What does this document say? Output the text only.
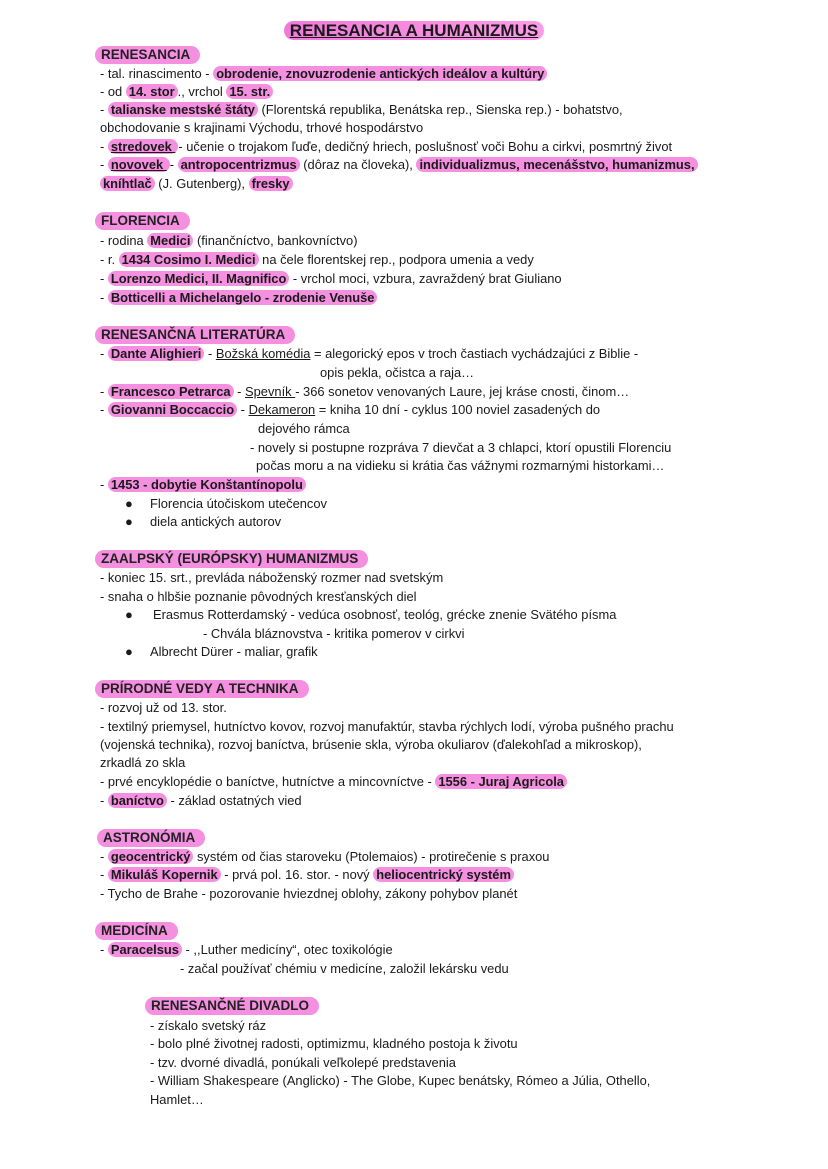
RENESANCIA A HUMANIZMUS
RENESANCIA
- tal. rinascimento - obrodenie, znovuzrodenie antických ideálov a kultúry
- od 14. stor ., vrchol 15. str.
- talianske mestské štáty (Florentská republika, Benátska rep., Sienska rep.) - bohatstvo,
obchodovanie s krajinami Východu, trhové hospodárstvo
- stredovek - učenie o trojakom ľuďe, dedičný hriech, poslušnosť voči Bohu a cirkvi, posmrtný život
- novovek - antropocentrizmus (dôraz na človeka), individualizmus, mecenášstvo, humanizmus,
kníhtlač (J. Gutenberg), fresky
FLORENCIA
- rodina Medici (finančníctvo, bankovníctvo)
- r. 1434 Cosimo I. Medici na čele florentskej rep., podpora umenia a vedy
- Lorenzo Medici, II. Magnifico - vrchol moci, vzbura, zavraždený brat Giuliano
- Botticelli a Michelangelo - zrodenie Venuše
RENESANČNÁ LITERATÚRA
- Dante Alighieri - Božská komédia = alegorický epos v troch častiach vychádzajúci z Biblie -
opis pekla, očistca a raja…
- Francesco Petrarca - Spevník - 366 sonetov venovaných Laure, jej kráse cnosti, činom…
- Giovanni Boccaccio - Dekameron = kniha 10 dní - cyklus 100 noviel zasadených do
dejového rámca
- novely si postupne rozpráva 7 dievčat a 3 chlapci, ktorí opustili Florenciu
počas moru a na vidieku si krátia čas vážnymi rozmarnými historkami…
- 1453 - dobytie Konštantínopolu
● Florencia útočiskom utečencov
● diela antických autorov
ZAALPSKÝ (EURÓPSKY) HUMANIZMUS
- koniec 15. srt., prevláda náboženský rozmer nad svetským
- snaha o hlbšie poznanie pôvodných kresťanských diel
● Erasmus Rotterdamský - vedúca osobnosť, teológ, grécke znenie Svätého písma
- Chvála bláznovstva - kritika pomerov v cirkvi
● Albrecht Dürer - maliar, grafik
PRÍRODNÉ VEDY A TECHNIKA
- rozvoj už od 13. stor.
- textilný priemysel, hutníctvo kovov, rozvoj manufaktúr, stavba rýchlych lodí, výroba pušného prachu
(vojenská technika), rozvoj baníctva, brúsenie skla, výroba okuliarov (ďalekohľad a mikroskop),
zrkadlá zo skla
- prvé encyklopédie o baníctve, hutníctve a mincovníctve - 1556 - Juraj Agricola
- baníctvo - základ ostatných vied
ASTRONÓMIA
- geocentrický systém od čias staroveku (Ptolemaios) - protirečenie s praxou
- Mikuláš Kopernik - prvá pol. 16. stor. - nový heliocentrický systém
- Tycho de Brahe - pozorovanie hviezdnej oblohy, zákony pohybov planét
MEDICÍNA
- Paracelsus - ,,Luther medicíny“, otec toxikológie
- začal používať chémiu v medicíne, založil lekársku vedu
RENESANČNÉ DIVADLO
- získalo svetský ráz
- bolo plné životnej radosti, optimizmu, kladného postoja k životu
- tzv. dvorné divadlá, ponúkali veľkolepé predstavenia
- William Shakespeare (Anglicko) - The Globe, Kupec benátsky, Rómeo a Júlia, Othello,
Hamlet…
